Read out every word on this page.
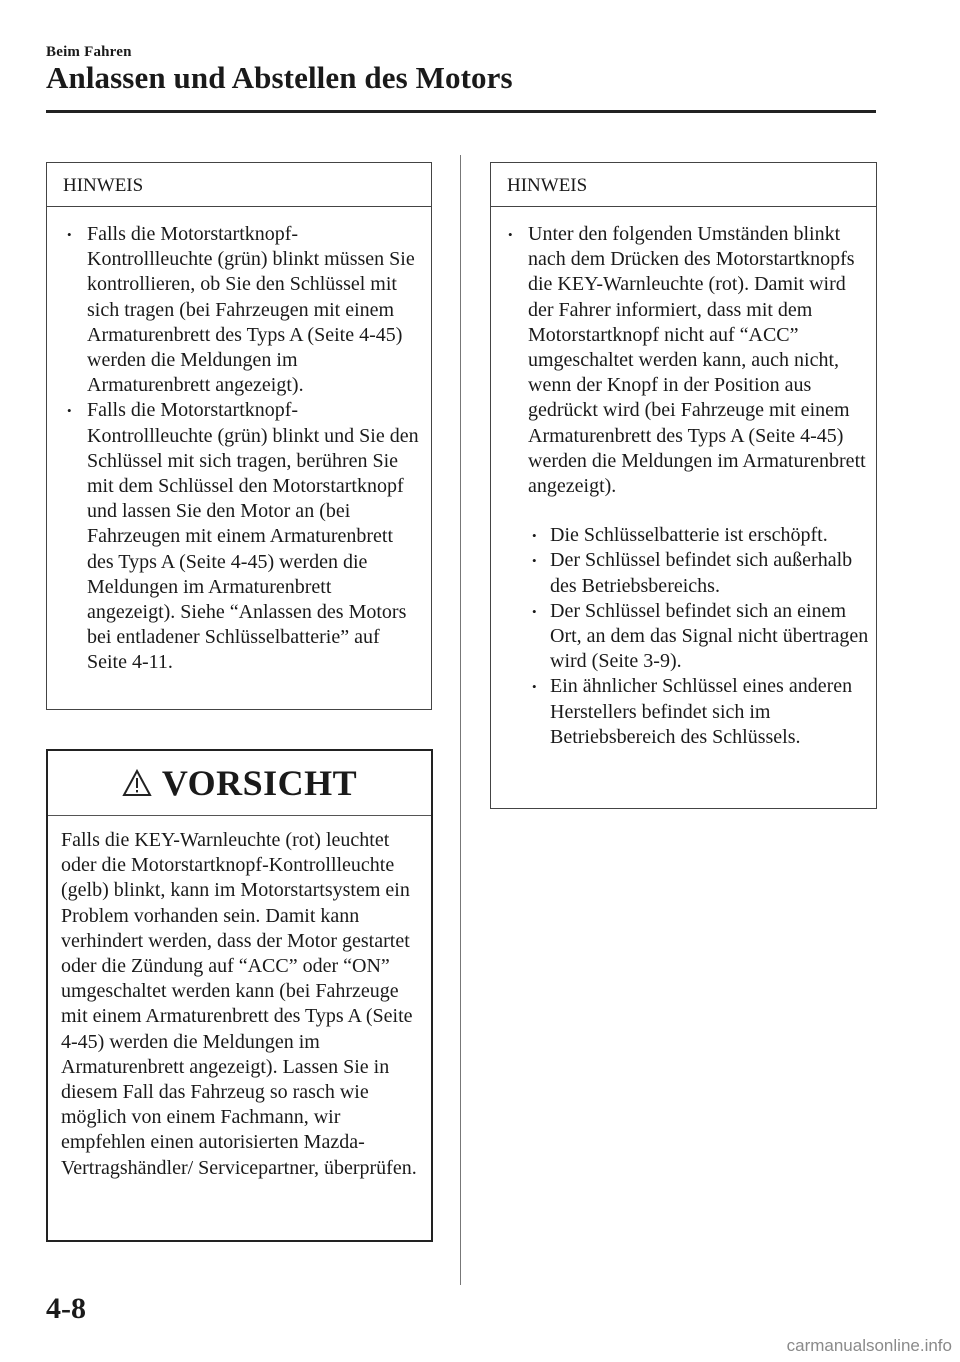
Beim Fahren
Anlassen und Abstellen des Motors
HINWEIS
• Falls die Motorstartknopf-Kontrollleuchte (grün) blinkt müssen Sie kontrollieren, ob Sie den Schlüssel mit sich tragen (bei Fahrzeugen mit einem Armaturenbrett des Typs A (Seite 4-45) werden die Meldungen im Armaturenbrett angezeigt).
• Falls die Motorstartknopf-Kontrollleuchte (grün) blinkt und Sie den Schlüssel mit sich tragen, berühren Sie mit dem Schlüssel den Motorstartknopf und lassen Sie den Motor an (bei Fahrzeugen mit einem Armaturenbrett des Typs A (Seite 4-45) werden die Meldungen im Armaturenbrett angezeigt). Siehe “Anlassen des Motors bei entladener Schlüsselbatterie” auf Seite 4-11.
VORSICHT
Falls die KEY-Warnleuchte (rot) leuchtet oder die Motorstartknopf-Kontrollleuchte (gelb) blinkt, kann im Motorstartsystem ein Problem vorhanden sein. Damit kann verhindert werden, dass der Motor gestartet oder die Zündung auf “ACC” oder “ON” umgeschaltet werden kann (bei Fahrzeuge mit einem Armaturenbrett des Typs A (Seite 4-45) werden die Meldungen im Armaturenbrett angezeigt). Lassen Sie in diesem Fall das Fahrzeug so rasch wie möglich von einem Fachmann, wir empfehlen einen autorisierten Mazda-Vertragshändler/ Servicepartner, überprüfen.
HINWEIS
• Unter den folgenden Umständen blinkt nach dem Drücken des Motorstartknopfs die KEY-Warnleuchte (rot). Damit wird der Fahrer informiert, dass mit dem Motorstartknopf nicht auf “ACC” umgeschaltet werden kann, auch nicht, wenn der Knopf in der Position aus gedrückt wird (bei Fahrzeuge mit einem Armaturenbrett des Typs A (Seite 4-45) werden die Meldungen im Armaturenbrett angezeigt).
• Die Schlüsselbatterie ist erschöpft.
• Der Schlüssel befindet sich außerhalb des Betriebsbereichs.
• Der Schlüssel befindet sich an einem Ort, an dem das Signal nicht übertragen wird (Seite 3-9).
• Ein ähnlicher Schlüssel eines anderen Herstellers befindet sich im Betriebsbereich des Schlüssels.
4-8
carmanualsonline.info
